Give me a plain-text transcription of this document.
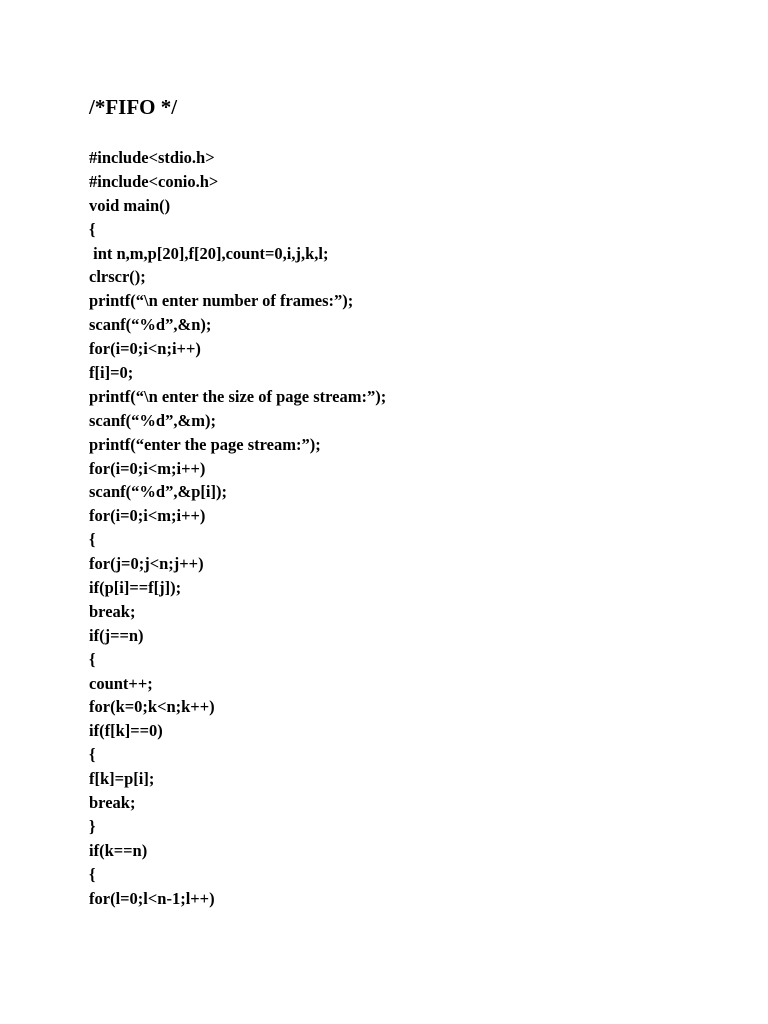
/*FIFO */
#include<stdio.h>
#include<conio.h>
void main()
{
int n,m,p[20],f[20],count=0,i,j,k,l;
clrscr();
printf(“\n enter number of frames:”);
scanf(“%d”,&n);
for(i=0;i<n;i++)
f[i]=0;
printf(“\n enter the size of page stream:”);
scanf(“%d”,&m);
printf(“enter the page stream:”);
for(i=0;i<m;i++)
scanf(“%d”,&p[i]);
for(i=0;i<m;i++)
{
for(j=0;j<n;j++)
if(p[i]==f[j]);
break;
if(j==n)
{
count++;
for(k=0;k<n;k++)
if(f[k]==0)
{
f[k]=p[i];
break;
}
if(k==n)
{
for(l=0;l<n-1;l++)
